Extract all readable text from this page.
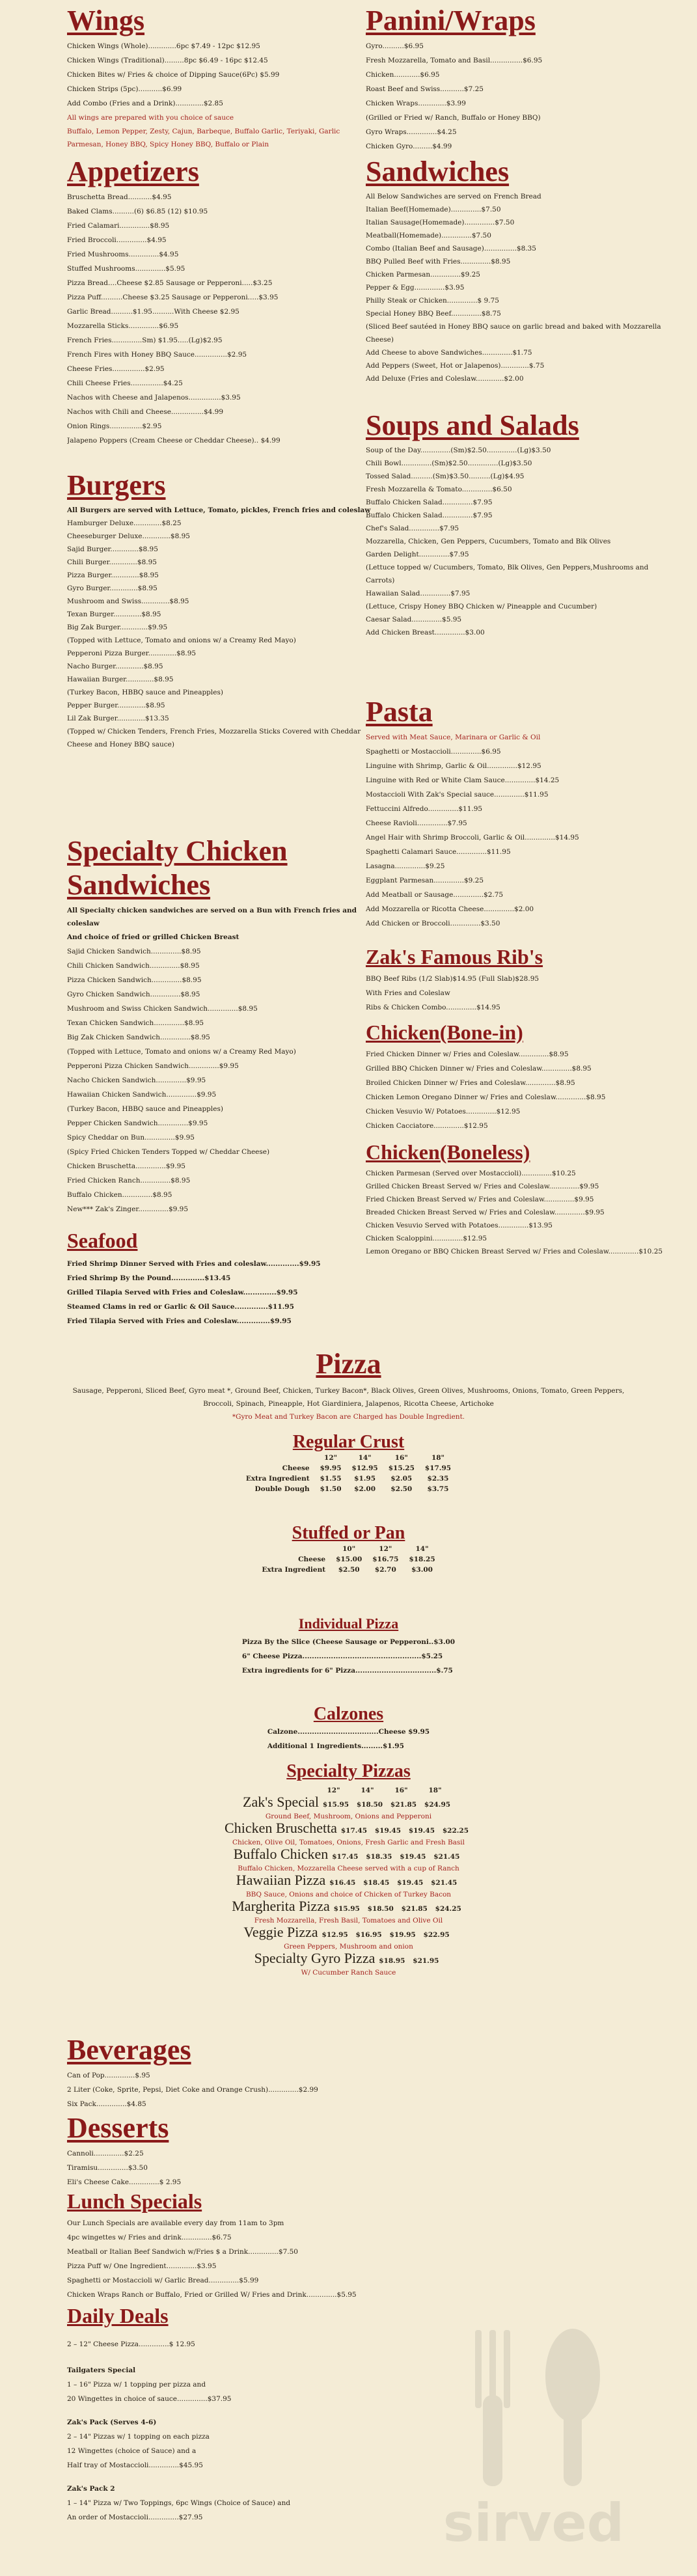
Wings
Chicken Wings (Whole).............6pc $7.49 - 12pc $12.95
Chicken Wings (Traditional).........8pc $6.49 - 16pc $12.45
Chicken Bites w/ Fries & choice of Dipping Sauce(6Pc) $5.99
Chicken Strips (5pc)...........$6.99
Add Combo (Fries and a Drink).............$2.85
All wings are prepared with you choice of sauce
Buffalo, Lemon Pepper, Zesty, Cajun, Barbeque, Buffalo Garlic, Teriyaki, Garlic Parmesan, Honey BBQ, Spicy Honey BBQ, Buffalo or Plain
Appetizers
Bruschetta Bread...........$4.95
Baked Clams..........(6) $6.85 (12) $10.95
Fried Calamari..............$8.95
Fried Broccoli..............$4.95
Fried Mushrooms..............$4.95
Stuffed Mushrooms..............$5.95
Pizza Bread....Cheese $2.85 Sausage or Pepperoni.....$3.25
Pizza Puff..........Cheese $3.25 Sausage or Pepperoni.....$3.95
Garlic Bread..........$1.95..........With Cheese $2.95
Mozzarella Sticks..............$6.95
French Fries..............Sm) $1.95.....(Lg)$2.95
French Fires with Honey BBQ Sauce...............$2.95
Cheese Fries...............$2.95
Chili Cheese Fries...............$4.25
Nachos with Cheese and Jalapenos...............$3.95
Nachos with Chili and Cheese...............$4.99
Onion Rings...............$2.95
Jalapeno Poppers (Cream Cheese or Cheddar Cheese).. $4.99
Burgers
All Burgers are served with Lettuce, Tomato, pickles, French fries and coleslaw
Hamburger Deluxe.............$8.25
Cheeseburger Deluxe.............$8.95
Sajid Burger.............$8.95
Chili Burger.............$8.95
Pizza Burger.............$8.95
Gyro Burger.............$8.95
Mushroom and Swiss.............$8.95
Texan Burger.............$8.95
Big Zak Burger.............$9.95
(Topped with Lettuce, Tomato and onions w/ a Creamy Red Mayo)
Pepperoni Pizza Burger.............$8.95
Nacho Burger.............$8.95
Hawaiian Burger.............$8.95
(Turkey Bacon, HBBQ sauce and Pineapples)
Pepper Burger.............$8.95
Lil Zak Burger.............$13.35
(Topped w/ Chicken Tenders, French Fries, Mozzarella Sticks Covered with Cheddar Cheese and Honey BBQ sauce)
Specialty Chicken
Sandwiches
All Specialty chicken sandwiches are served on a Bun with French fries and coleslaw
And choice of fried or grilled Chicken Breast
Sajid Chicken Sandwich..............$8.95
Chili Chicken Sandwich..............$8.95
Pizza Chicken Sandwich..............$8.95
Gyro Chicken Sandwich..............$8.95
Mushroom and Swiss Chicken Sandwich..............$8.95
Texan Chicken Sandwich..............$8.95
Big Zak Chicken Sandwich..............$8.95
(Topped with Lettuce, Tomato and onions w/ a Creamy Red Mayo)
Pepperoni Pizza Chicken Sandwich..............$9.95
Nacho Chicken Sandwich..............$9.95
Hawaiian Chicken Sandwich..............$9.95
(Turkey Bacon, HBBQ sauce and Pineapples)
Pepper Chicken Sandwich..............$9.95
Spicy Cheddar on Bun..............$9.95
(Spicy Fried Chicken Tenders Topped w/ Cheddar Cheese)
Chicken Bruschetta..............$9.95
Fried Chicken Ranch..............$8.95
Buffalo Chicken..............$8.95
New*** Zak's Zinger..............$9.95
Seafood
Fried Shrimp Dinner Served with Fries and coleslaw..............$9.95
Fried Shrimp By the Pound..............$13.45
Grilled Tilapia Served with Fries and Coleslaw..............$9.95
Steamed Clams in red or Garlic & Oil Sauce..............$11.95
Fried Tilapia Served with Fries and Coleslaw..............$9.95
Panini/Wraps
Gyro..........$6.95
Fresh Mozzarella, Tomato and Basil...............$6.95
Chicken............$6.95
Roast Beef and Swiss...........$7.25
Chicken Wraps.............$3.99
(Grilled or Fried w/ Ranch, Buffalo or Honey BBQ)
Gyro Wraps..............$4.25
Chicken Gyro.........$4.99
Sandwiches
All Below Sandwiches are served on French Bread
Italian Beef(Homemade)..............$7.50
Italian Sausage(Homemade)..............$7.50
Meatball(Homemade)..............$7.50
Combo (Italian Beef and Sausage)...............$8.35
BBQ Pulled Beef with Fries..............$8.95
Chicken Parmesan..............$9.25
Pepper & Egg..............$3.95
Philly Steak or Chicken..............$ 9.75
Special Honey BBQ Beef..............$8.75
(Sliced Beef sautéed in Honey BBQ sauce on garlic bread and baked with Mozzarella Cheese)
Add Cheese to above Sandwiches..............$1.75
Add Peppers (Sweet, Hot or Jalapenos).............$.75
Add Deluxe (Fries and Coleslaw.............$2.00
Soups and Salads
Soup of the Day..............(Sm)$2.50..............(Lg)$3.50
Chili Bowl..............(Sm)$2.50..............(Lg)$3.50
Tossed Salad..........(Sm)$3.50..........(Lg)$4.95
Fresh Mozzarella & Tomato..............$6.50
Buffalo Chicken Salad..............$7.95
Buffalo Chicken Salad..............$7.95
Chef's Salad..............$7.95
Mozzarella, Chicken, Gen Peppers, Cucumbers, Tomato and Blk Olives
Garden Delight..............$7.95
(Lettuce topped w/ Cucumbers, Tomato, Blk Olives, Gen Peppers,Mushrooms and Carrots)
Hawaiian Salad..............$7.95
(Lettuce, Crispy Honey BBQ Chicken w/ Pineapple and Cucumber)
Caesar Salad..............$5.95
Add Chicken Breast..............$3.00
Pasta
Served with Meat Sauce, Marinara or Garlic & Oil
Spaghetti or Mostaccioli..............$6.95
Linguine with Shrimp, Garlic & Oil..............$12.95
Linguine with Red or White Clam Sauce..............$14.25
Mostaccioli With Zak's Special sauce..............$11.95
Fettuccini Alfredo..............$11.95
Cheese Ravioli..............$7.95
Angel Hair with Shrimp Broccoli, Garlic & Oil..............$14.95
Spaghetti Calamari Sauce..............$11.95
Lasagna..............$9.25
Eggplant Parmesan..............$9.25
Add Meatball or Sausage..............$2.75
Add Mozzarella or Ricotta Cheese..............$2.00
Add Chicken or Broccoli..............$3.50
Zak's Famous Rib's
BBQ Beef Ribs (1/2 Slab)$14.95 (Full Slab)$28.95
With Fries and Coleslaw
Ribs & Chicken Combo..............$14.95
Chicken(Bone-in)
Fried Chicken Dinner w/ Fries and Coleslaw..............$8.95
Grilled BBQ Chicken Dinner w/ Fries and Coleslaw..............$8.95
Broiled Chicken Dinner w/ Fries and Coleslaw..............$8.95
Chicken Lemon Oregano Dinner w/ Fries and Coleslaw..............$8.95
Chicken Vesuvio W/ Potatoes..............$12.95
Chicken Cacciatore..............$12.95
Chicken(Boneless)
Chicken Parmesan (Served over Mostaccioli)..............$10.25
Grilled Chicken Breast Served w/ Fries and Coleslaw..............$9.95
Fried Chicken Breast Served w/ Fries and Coleslaw..............$9.95
Breaded Chicken Breast Served w/ Fries and Coleslaw..............$9.95
Chicken Vesuvio Served with Potatoes..............$13.95
Chicken Scaloppini..............$12.95
Lemon Oregano or BBQ Chicken Breast Served w/ Fries and Coleslaw..............$10.25
Pizza
Sausage, Pepperoni, Sliced Beef, Gyro meat *, Ground Beef, Chicken, Turkey Bacon*, Black Olives, Green Olives, Mushrooms, Onions, Tomato, Green Peppers, Broccoli, Spinach, Pineapple, Hot Giardiniera, Jalapenos, Ricotta Cheese, Artichoke
*Gyro Meat and Turkey Bacon are Charged has Double Ingredient.
Regular Crust
	12"	14"	16"	18"
Cheese	$9.95	$12.95	$15.25	$17.95
Extra Ingredient	$1.55	$1.95	$2.05	$2.35
Double Dough	$1.50	$2.00	$2.50	$3.75
Stuffed or Pan
	10"	12"	14"
Cheese	$15.00	$16.75	$18.25
Extra Ingredient	$2.50	$2.70	$3.00
Individual Pizza
Pizza By the Slice (Cheese Sausage or Pepperoni..$3.00
6" Cheese Pizza..................................................$5.25
Extra ingredients for 6" Pizza..................................$.75
Calzones
Calzone..................................Cheese $9.95
Additional 1 Ingredients.........$1.95
Specialty Pizzas
12"	14"	16"	18"
Zak's Special $15.95 $18.50 $21.85 $24.95
Ground Beef, Mushroom, Onions and Pepperoni
Chicken Bruschetta $17.45 $19.45 $19.45 $22.25
Chicken, Olive Oil, Tomatoes, Onions, Fresh Garlic and Fresh Basil
Buffalo Chicken $17.45 $18.35 $19.45 $21.45
Buffalo Chicken, Mozzarella Cheese served with a cup of Ranch
Hawaiian Pizza $16.45 $18.45 $19.45 $21.45
BBQ Sauce, Onions and choice of Chicken of Turkey Bacon
Margherita Pizza $15.95 $18.50 $21.85 $24.25
Fresh Mozzarella, Fresh Basil, Tomatoes and Olive Oil
Veggie Pizza $12.95 $16.95 $19.95 $22.95
Green Peppers, Mushroom and onion
Specialty Gyro Pizza $18.95 $21.95
W/ Cucumber Ranch Sauce
Beverages
Can of Pop..............$.95
2 Liter (Coke, Sprite, Pepsi, Diet Coke and Orange Crush)..............$2.99
Six Pack..............$4.85
Desserts
Cannoli..............$2.25
Tiramisu..............$3.50
Eli's Cheese Cake..............$ 2.95
Lunch Specials
Our Lunch Specials are available every day from 11am to 3pm
4pc wingettes w/ Fries and drink..............$6.75
Meatball or Italian Beef Sandwich w/Fries $ a Drink..............$7.50
Pizza Puff w/ One Ingredient..............$3.95
Spaghetti or Mostaccioli w/ Garlic Bread..............$5.99
Chicken Wraps Ranch or Buffalo, Fried or Grilled W/ Fries and Drink..............$5.95
Daily Deals
2 – 12" Cheese Pizza..............$ 12.95
Tailgaters Special
1 – 16" Pizza w/ 1 topping per pizza and
20 Wingettes in choice of sauce..............$37.95
Zak's Pack (Serves 4-6)
2 – 14" Pizzas w/ 1 topping on each pizza
12 Wingettes (choice of Sauce) and a
Half tray of Mostaccioli..............$45.95
Zak's Pack 2
1 – 14" Pizza w/ Two Toppings, 6pc Wings (Choice of Sauce) and
An order of Mostaccioli..............$27.95	sirved
